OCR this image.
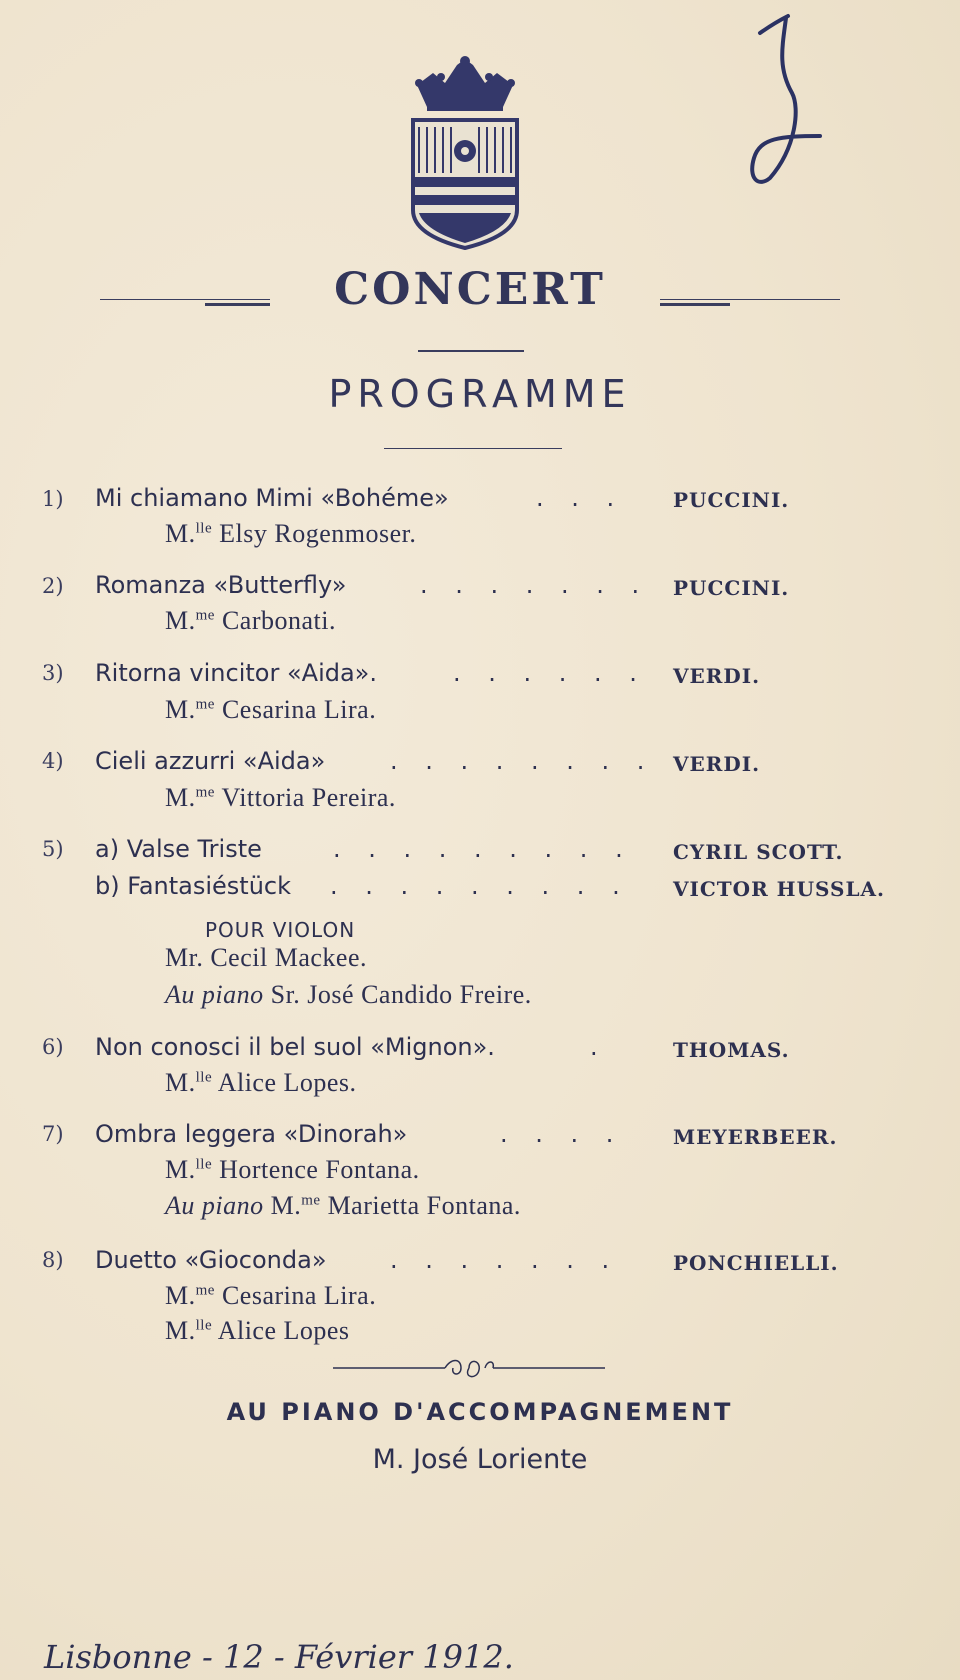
CONCERT
PROGRAMME
1) Mi chiamano Mimi «Bohéme»	. . . PUCCINI.
M.$^{lle}$ Elsy Rogenmoser.
2) Romanza «Butterfly»	. . . . . . . PUCCINI.
M.$^{me}$ Carbonati.
3) Ritorna vincitor «Aida».	. . . . . . VERDI.
M.$^{me}$ Cesarina Lira.
4) Cieli azzurri «Aida»	. . . . . . . . VERDI.
M.$^{me}$ Vittoria Pereira.
5) a) Valse Triste	. . . . . . . . . CYRIL SCOTT.
b) Fantasiéstück . . . . . . . . . VICTOR HUSSLA.
POUR VIOLON
Mr. Cecil Mackee.
Au piano Sr. José Candido Freire.
6) Non conosci il bel suol «Mignon».	.	THOMAS.
M.$^{lle}$ Alice Lopes.
7) Ombra leggera «Dinorah»	. . . . MEYERBEER.
M.$^{lle}$ Hortence Fontana.
Au piano M.$^{me}$ Marietta Fontana.
8) Duetto «Gioconda»	. . . . . . .	PONCHIELLI.
M.$^{me}$ Cesarina Lira.
M.$^{lle}$ Alice Lopes
AU PIANO D'ACCOMPAGNEMENT
M. José Loriente
Lisbonne - 12 - Février 1912.
